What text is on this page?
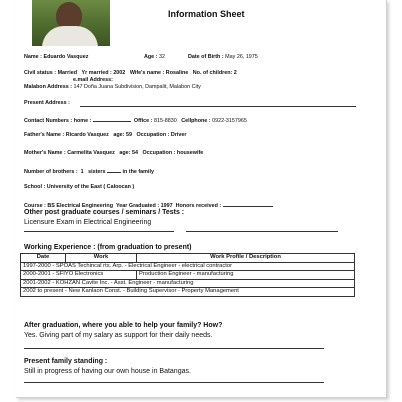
Information Sheet
Name : Eduardo Vasquez	Age : 32	Date of Birth : May 26, 1975
Civil status : Married Yr married : 2002 Wife's name : Rosaline No. of children: 2
e.mail Address:
Malabon Address : 147 Doña Juana Subdivision, Dampalit, Malabon City
Present Address :
Contact Numbers : home :	Office : 815-8830 Cellphone : 0922-3157965
Father's Name : Ricardo Vasquez age: 59 Occupation : Driver
Mother's Name : Carmelita Vasquez age: 54 Occupation : housewife
Number of brothers : 1 sisters	in the family
School : University of the East ( Caloocan )
Course : BS Electrical Engineering Year Graduated : 1997 Honors received :
Other post graduate courses / seminars / Tests :
Licensure Exam in Electrical Engineering
Working Experience : (from graduation to present)
Date	Work	Work Profile / Description
1997-2000 - SPOAS Techincal rts. Arp. - Electrical Engineer - electrical contractor		
2000-2001 - SFIYO Electronics		Production Engineer - manufacturing
2001-2002 - KOHZAN Cavite Inc. - Asst. Engineer - manufacturing		
2002 to present - New Kanlaon Const. - Building Supervisor - Property Management		
After graduation, where you able to help your family? How?
Yes. Giving part of my salary as support for their daily needs.
Present family standing :
Still in progress of having our own house in Batangas.
